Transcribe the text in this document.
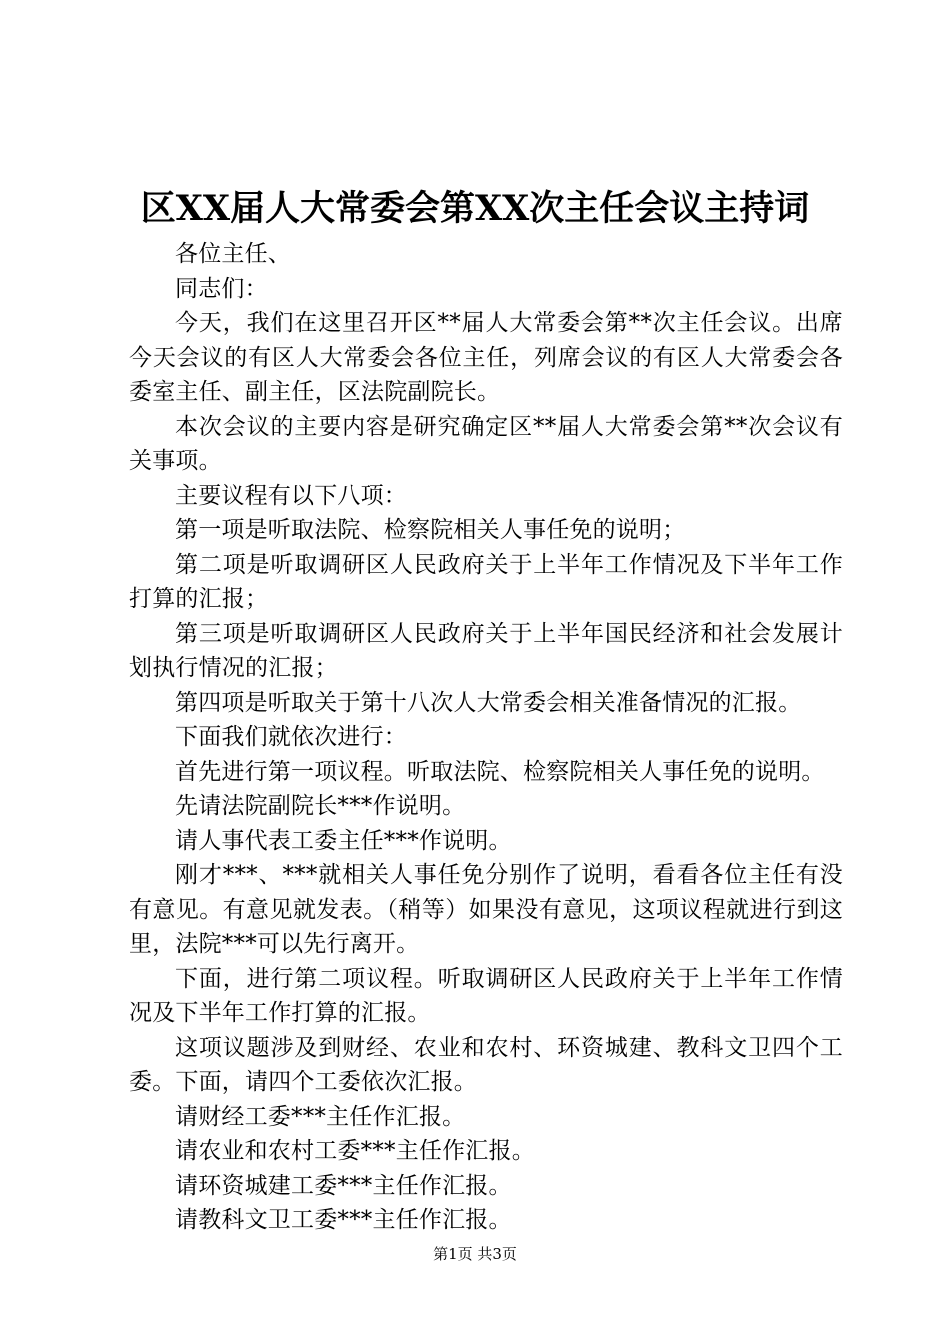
区XX届人大常委会第XX次主任会议主持词

各位主任、

同志们：

今天，我们在这里召开区**届人大常委会第**次主任会议。出席今天会议的有区人大常委会各位主任，列席会议的有区人大常委会各委室主任、副主任，区法院副院长。

本次会议的主要内容是研究确定区**届人大常委会第**次会议有关事项。

主要议程有以下八项：

第一项是听取法院、检察院相关人事任免的说明；

第二项是听取调研区人民政府关于上半年工作情况及下半年工作打算的汇报；

第三项是听取调研区人民政府关于上半年国民经济和社会发展计划执行情况的汇报；

第四项是听取关于第十八次人大常委会相关准备情况的汇报。

下面我们就依次进行：

首先进行第一项议程。听取法院、检察院相关人事任免的说明。

先请法院副院长***作说明。

请人事代表工委主任***作说明。

刚才***、***就相关人事任免分别作了说明，看看各位主任有没有意见。有意见就发表。（稍等）如果没有意见，这项议程就进行到这里，法院***可以先行离开。

下面，进行第二项议程。听取调研区人民政府关于上半年工作情况及下半年工作打算的汇报。

这项议题涉及到财经、农业和农村、环资城建、教科文卫四个工委。下面，请四个工委依次汇报。

请财经工委***主任作汇报。

请农业和农村工委***主任作汇报。

请环资城建工委***主任作汇报。

请教科文卫工委***主任作汇报。

第1页 共3页
